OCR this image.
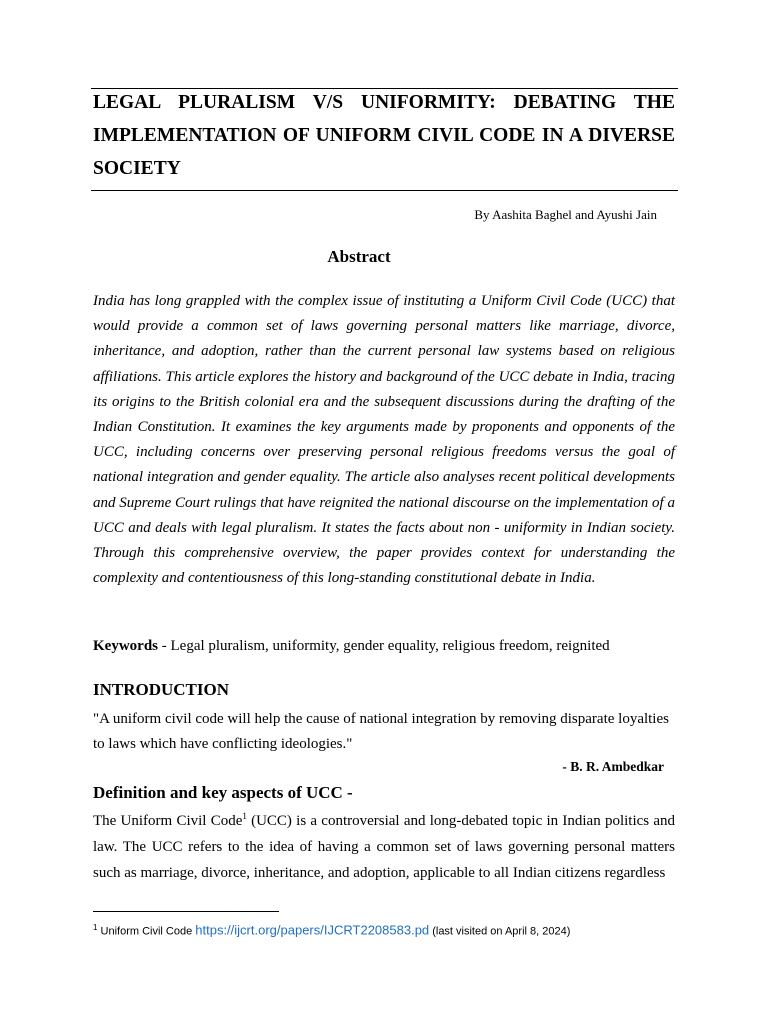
LEGAL PLURALISM V/S UNIFORMITY: DEBATING THE IMPLEMENTATION OF UNIFORM CIVIL CODE IN A DIVERSE SOCIETY
By Aashita Baghel and Ayushi Jain
Abstract

India has long grappled with the complex issue of instituting a Uniform Civil Code (UCC) that would provide a common set of laws governing personal matters like marriage, divorce, inheritance, and adoption, rather than the current personal law systems based on religious affiliations. This article explores the history and background of the UCC debate in India, tracing its origins to the British colonial era and the subsequent discussions during the drafting of the Indian Constitution. It examines the key arguments made by proponents and opponents of the UCC, including concerns over preserving personal religious freedoms versus the goal of national integration and gender equality. The article also analyses recent political developments and Supreme Court rulings that have reignited the national discourse on the implementation of a UCC and deals with legal pluralism. It states the facts about non - uniformity in Indian society. Through this comprehensive overview, the paper provides context for understanding the complexity and contentiousness of this long-standing constitutional debate in India.

Keywords - Legal pluralism, uniformity, gender equality, religious freedom, reignited

INTRODUCTION

"A uniform civil code will help the cause of national integration by removing disparate loyalties to laws which have conflicting ideologies."

- B. R. Ambedkar
Definition and key aspects of UCC -

The Uniform Civil Code$^1$ (UCC) is a controversial and long-debated topic in Indian politics and law. The UCC refers to the idea of having a common set of laws governing personal matters such as marriage, divorce, inheritance, and adoption, applicable to all Indian citizens regardless

$^1$ Uniform Civil Code https://ijcrt.org/papers/IJCRT2208583.pd (last visited on April 8, 2024)
